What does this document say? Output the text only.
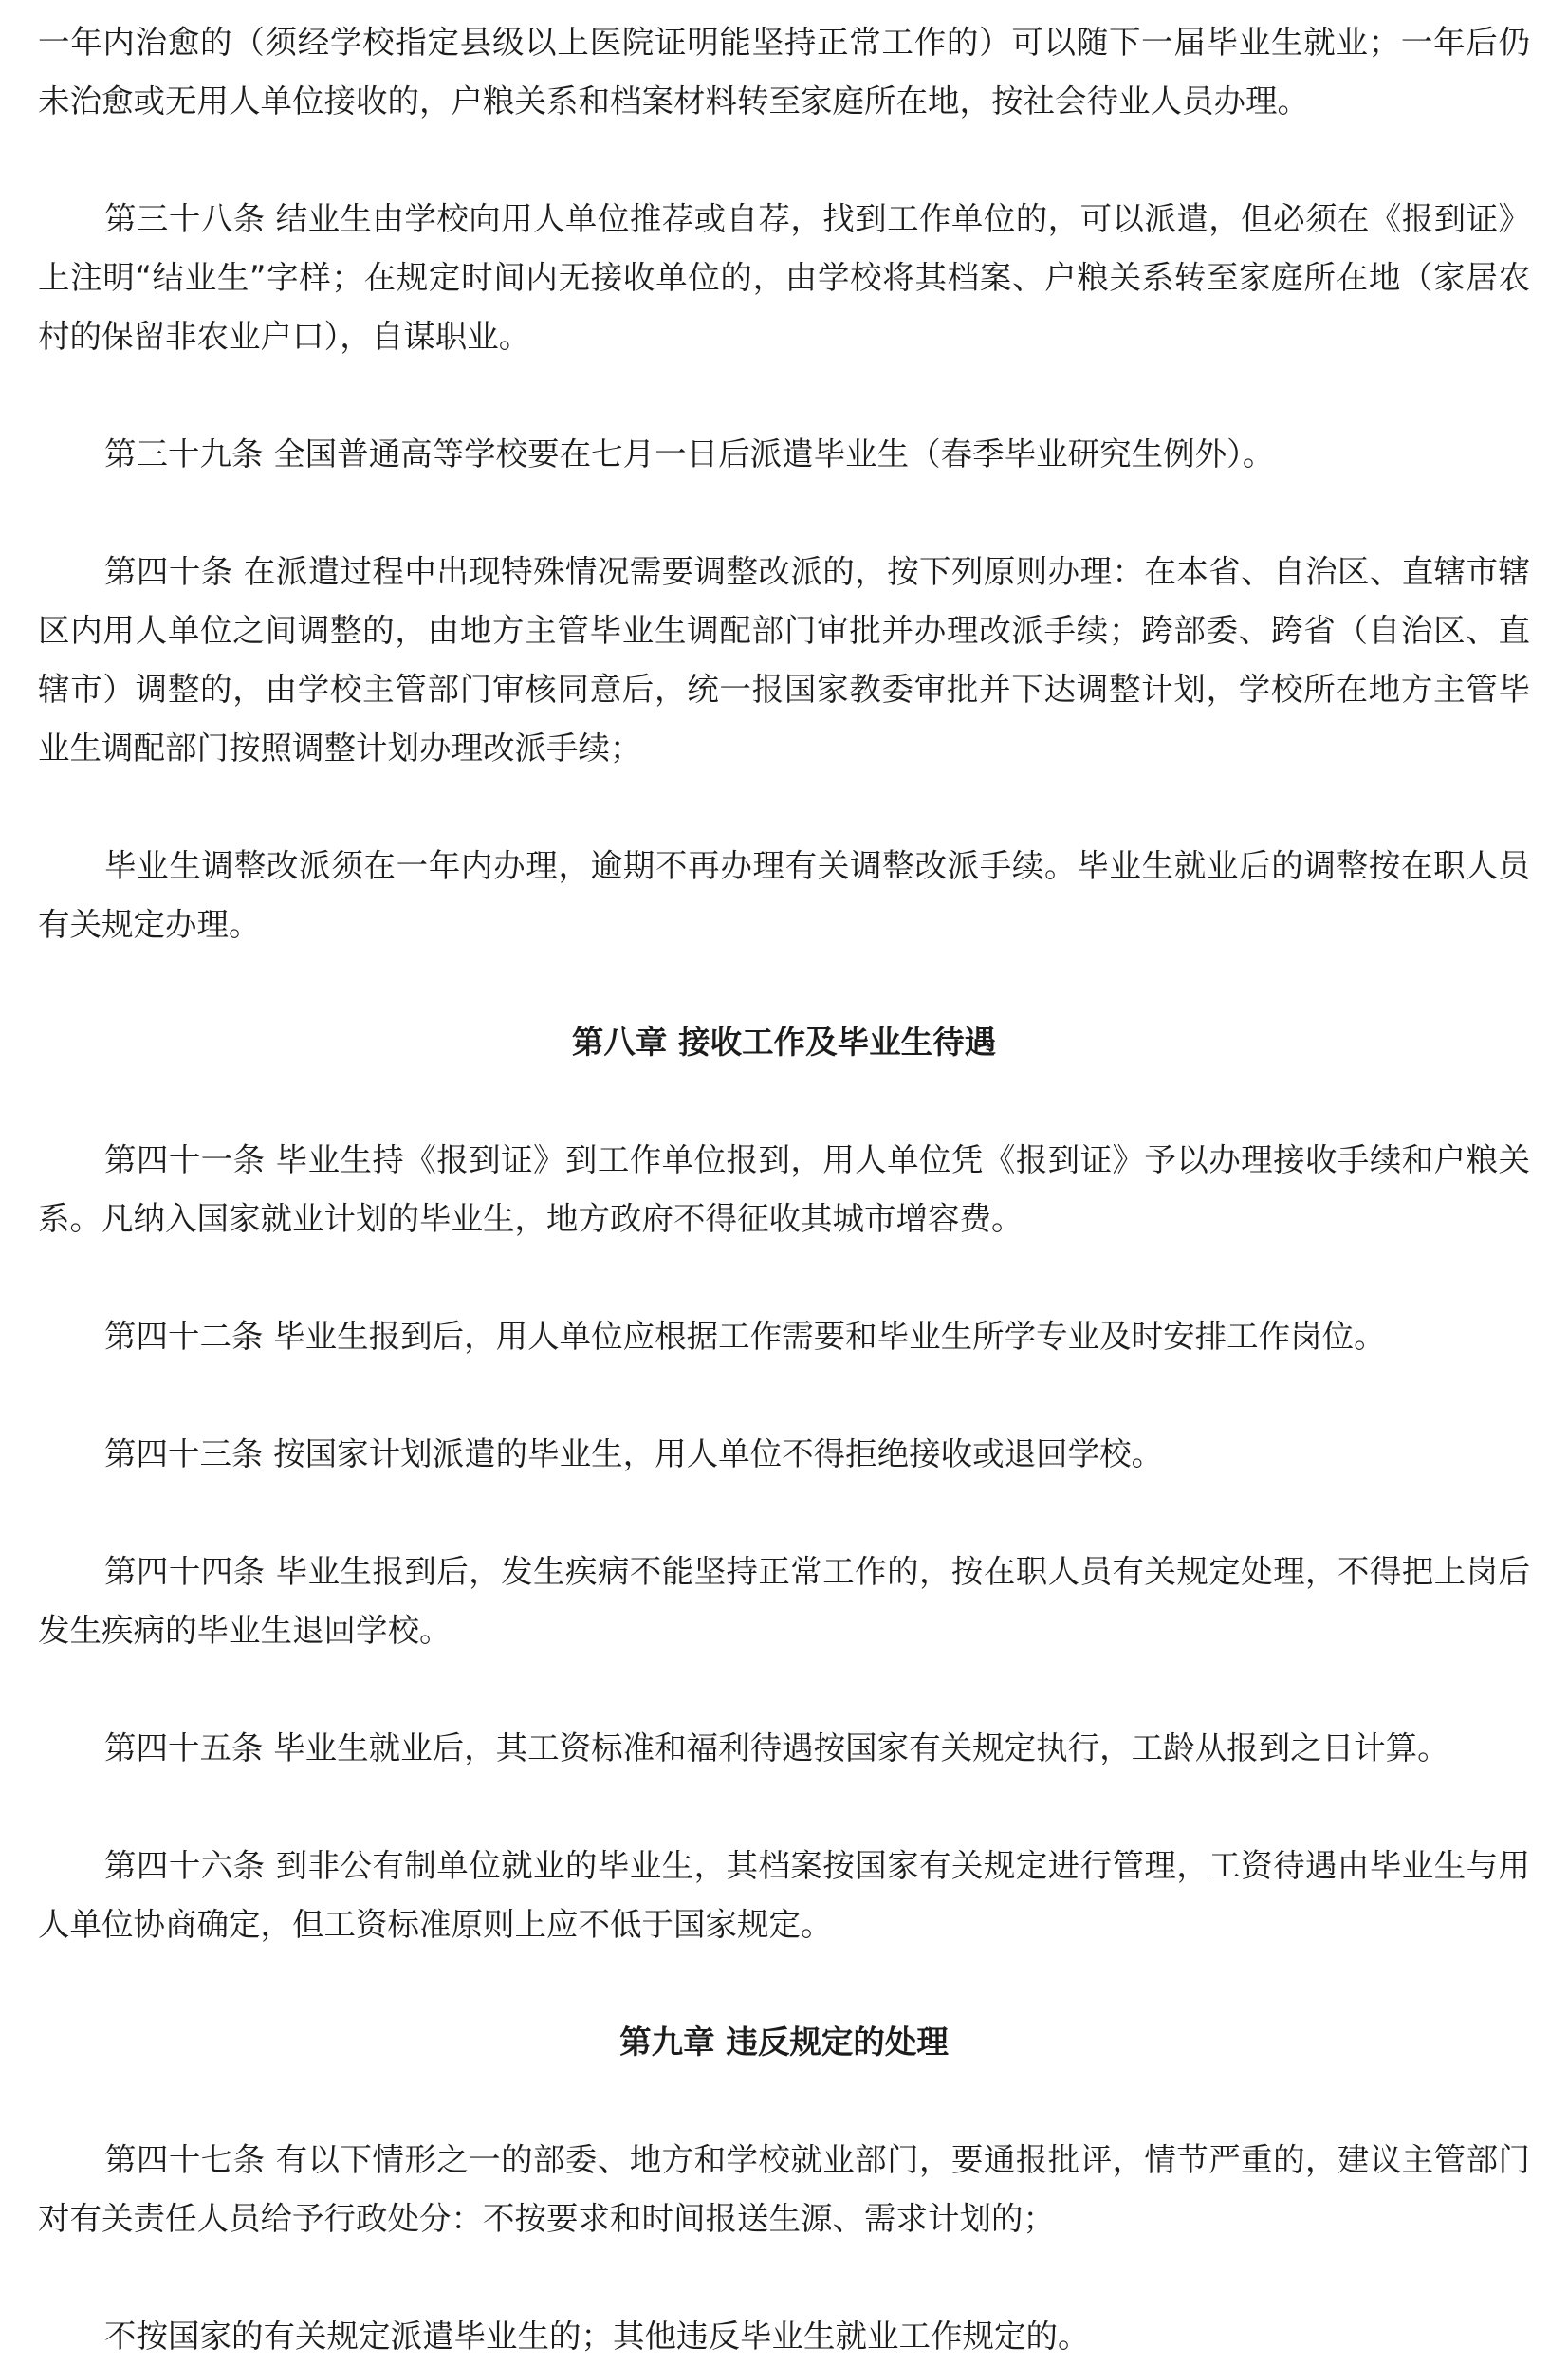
一年内治愈的（须经学校指定县级以上医院证明能坚持正常工作的）可以随下一届毕业生就业；一年后仍未治愈或无用人单位接收的，户粮关系和档案材料转至家庭所在地，按社会待业人员办理。

第三十八条 结业生由学校向用人单位推荐或自荐，找到工作单位的，可以派遣，但必须在《报到证》上注明“结业生”字样；在规定时间内无接收单位的，由学校将其档案、户粮关系转至家庭所在地（家居农村的保留非农业户口），自谋职业。

第三十九条 全国普通高等学校要在七月一日后派遣毕业生（春季毕业研究生例外）。

第四十条 在派遣过程中出现特殊情况需要调整改派的，按下列原则办理：在本省、自治区、直辖市辖区内用人单位之间调整的，由地方主管毕业生调配部门审批并办理改派手续；跨部委、跨省（自治区、直辖市）调整的，由学校主管部门审核同意后，统一报国家教委审批并下达调整计划，学校所在地方主管毕业生调配部门按照调整计划办理改派手续；

毕业生调整改派须在一年内办理，逾期不再办理有关调整改派手续。毕业生就业后的调整按在职人员有关规定办理。

第八章 接收工作及毕业生待遇

第四十一条 毕业生持《报到证》到工作单位报到，用人单位凭《报到证》予以办理接收手续和户粮关系。凡纳入国家就业计划的毕业生，地方政府不得征收其城市增容费。

第四十二条 毕业生报到后，用人单位应根据工作需要和毕业生所学专业及时安排工作岗位。

第四十三条 按国家计划派遣的毕业生，用人单位不得拒绝接收或退回学校。

第四十四条 毕业生报到后，发生疾病不能坚持正常工作的，按在职人员有关规定处理，不得把上岗后发生疾病的毕业生退回学校。

第四十五条 毕业生就业后，其工资标准和福利待遇按国家有关规定执行，工龄从报到之日计算。

第四十六条 到非公有制单位就业的毕业生，其档案按国家有关规定进行管理，工资待遇由毕业生与用人单位协商确定，但工资标准原则上应不低于国家规定。

第九章 违反规定的处理

第四十七条 有以下情形之一的部委、地方和学校就业部门，要通报批评，情节严重的，建议主管部门对有关责任人员给予行政处分：不按要求和时间报送生源、需求计划的；

不按国家的有关规定派遣毕业生的；其他违反毕业生就业工作规定的。
